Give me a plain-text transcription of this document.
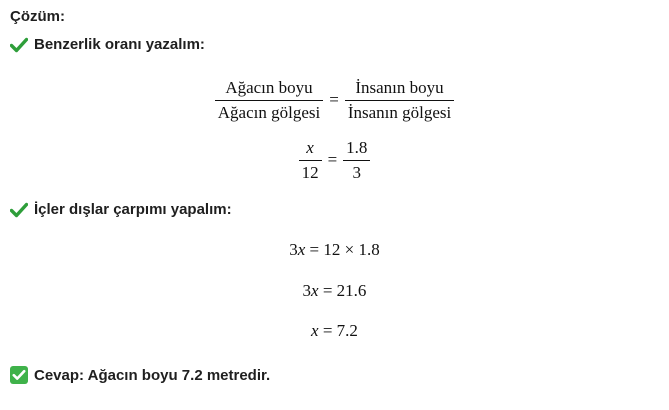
Çözüm:
Benzerlik oranı yazalım:
$\frac{\text{Ağacın boyu}}{\text{Ağacın gölgesi}} = \frac{\text{İnsanın boyu}}{\text{İnsanın gölgesi}}$
$\frac{x}{12} = \frac{1.8}{3}$
İçler dışlar çarpımı yapalım:
3 x
= 12 × 1.8
3 x
= 21.6
x
= 7.2
Cevap: Ağacın boyu 7.2 metredir.
